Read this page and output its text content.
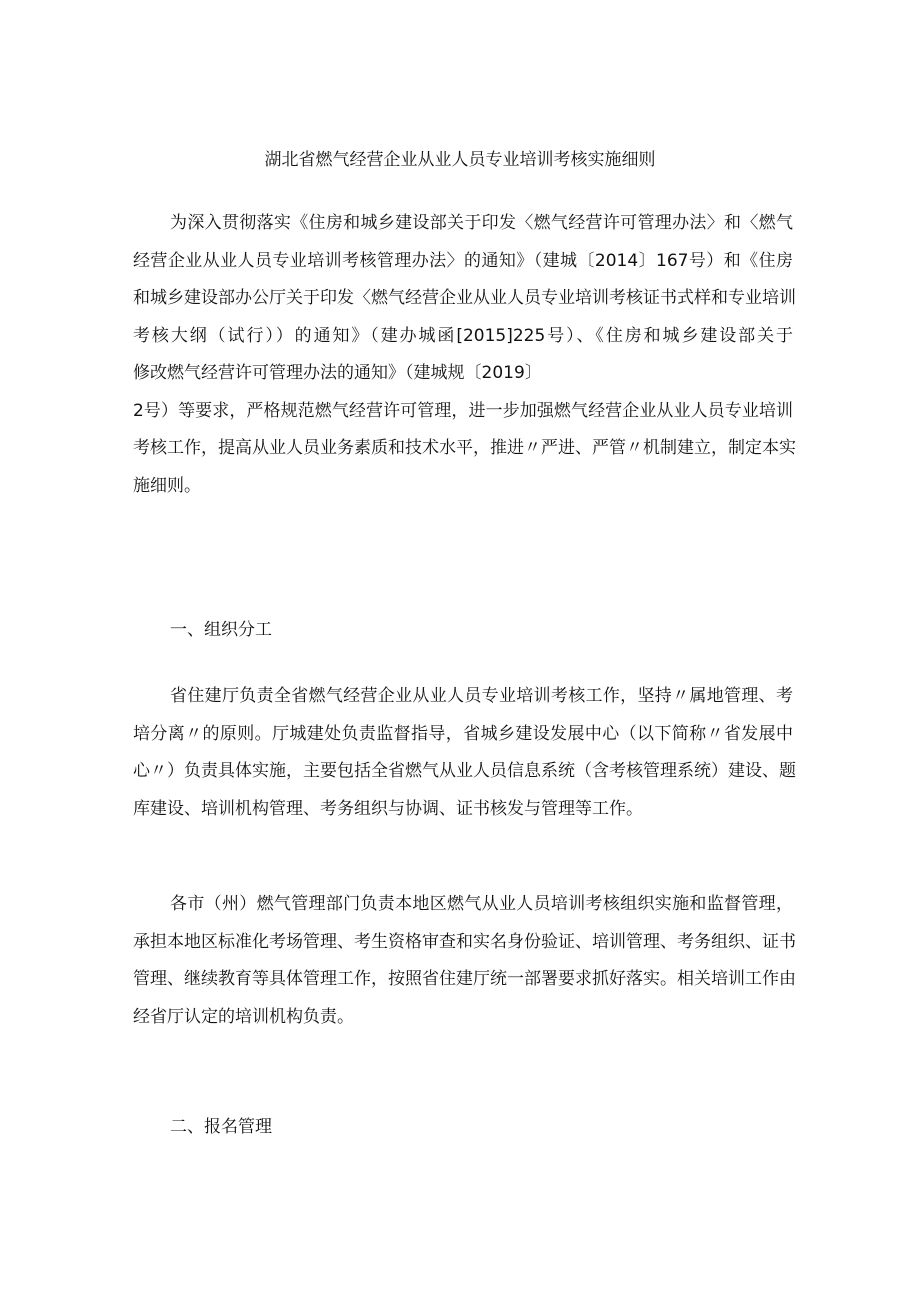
湖北省燃气经营企业从业人员专业培训考核实施细则
为深入贯彻落实《住房和城乡建设部关于印发〈燃气经营许可管理办法〉和〈燃气
经营企业从业人员专业培训考核管理办法〉的通知》（建城〔2014〕167号）和《住房
和城乡建设部办公厅关于印发〈燃气经营企业从业人员专业培训考核证书式样和专业培训
考核大纲（试行））的通知》（建办城函[2015]225号）、《住房和城乡建设部关于
修改燃气经营许可管理办法的通知》（建城规〔2019〕
2号）等要求，严格规范燃气经营许可管理，进一步加强燃气经营企业从业人员专业培训
考核工作，提高从业人员业务素质和技术水平，推进〃严进、严管〃机制建立，制定本实
施细则。
一、组织分工
省住建厅负责全省燃气经营企业从业人员专业培训考核工作，坚持〃属地管理、考
培分离〃的原则。厅城建处负责监督指导，省城乡建设发展中心（以下简称〃省发展中
心〃）负责具体实施，主要包括全省燃气从业人员信息系统（含考核管理系统）建设、题
库建设、培训机构管理、考务组织与协调、证书核发与管理等工作。
各市（州）燃气管理部门负责本地区燃气从业人员培训考核组织实施和监督管理，
承担本地区标准化考场管理、考生资格审查和实名身份验证、培训管理、考务组织、证书
管理、继续教育等具体管理工作，按照省住建厅统一部署要求抓好落实。相关培训工作由
经省厅认定的培训机构负责。
二、报名管理
